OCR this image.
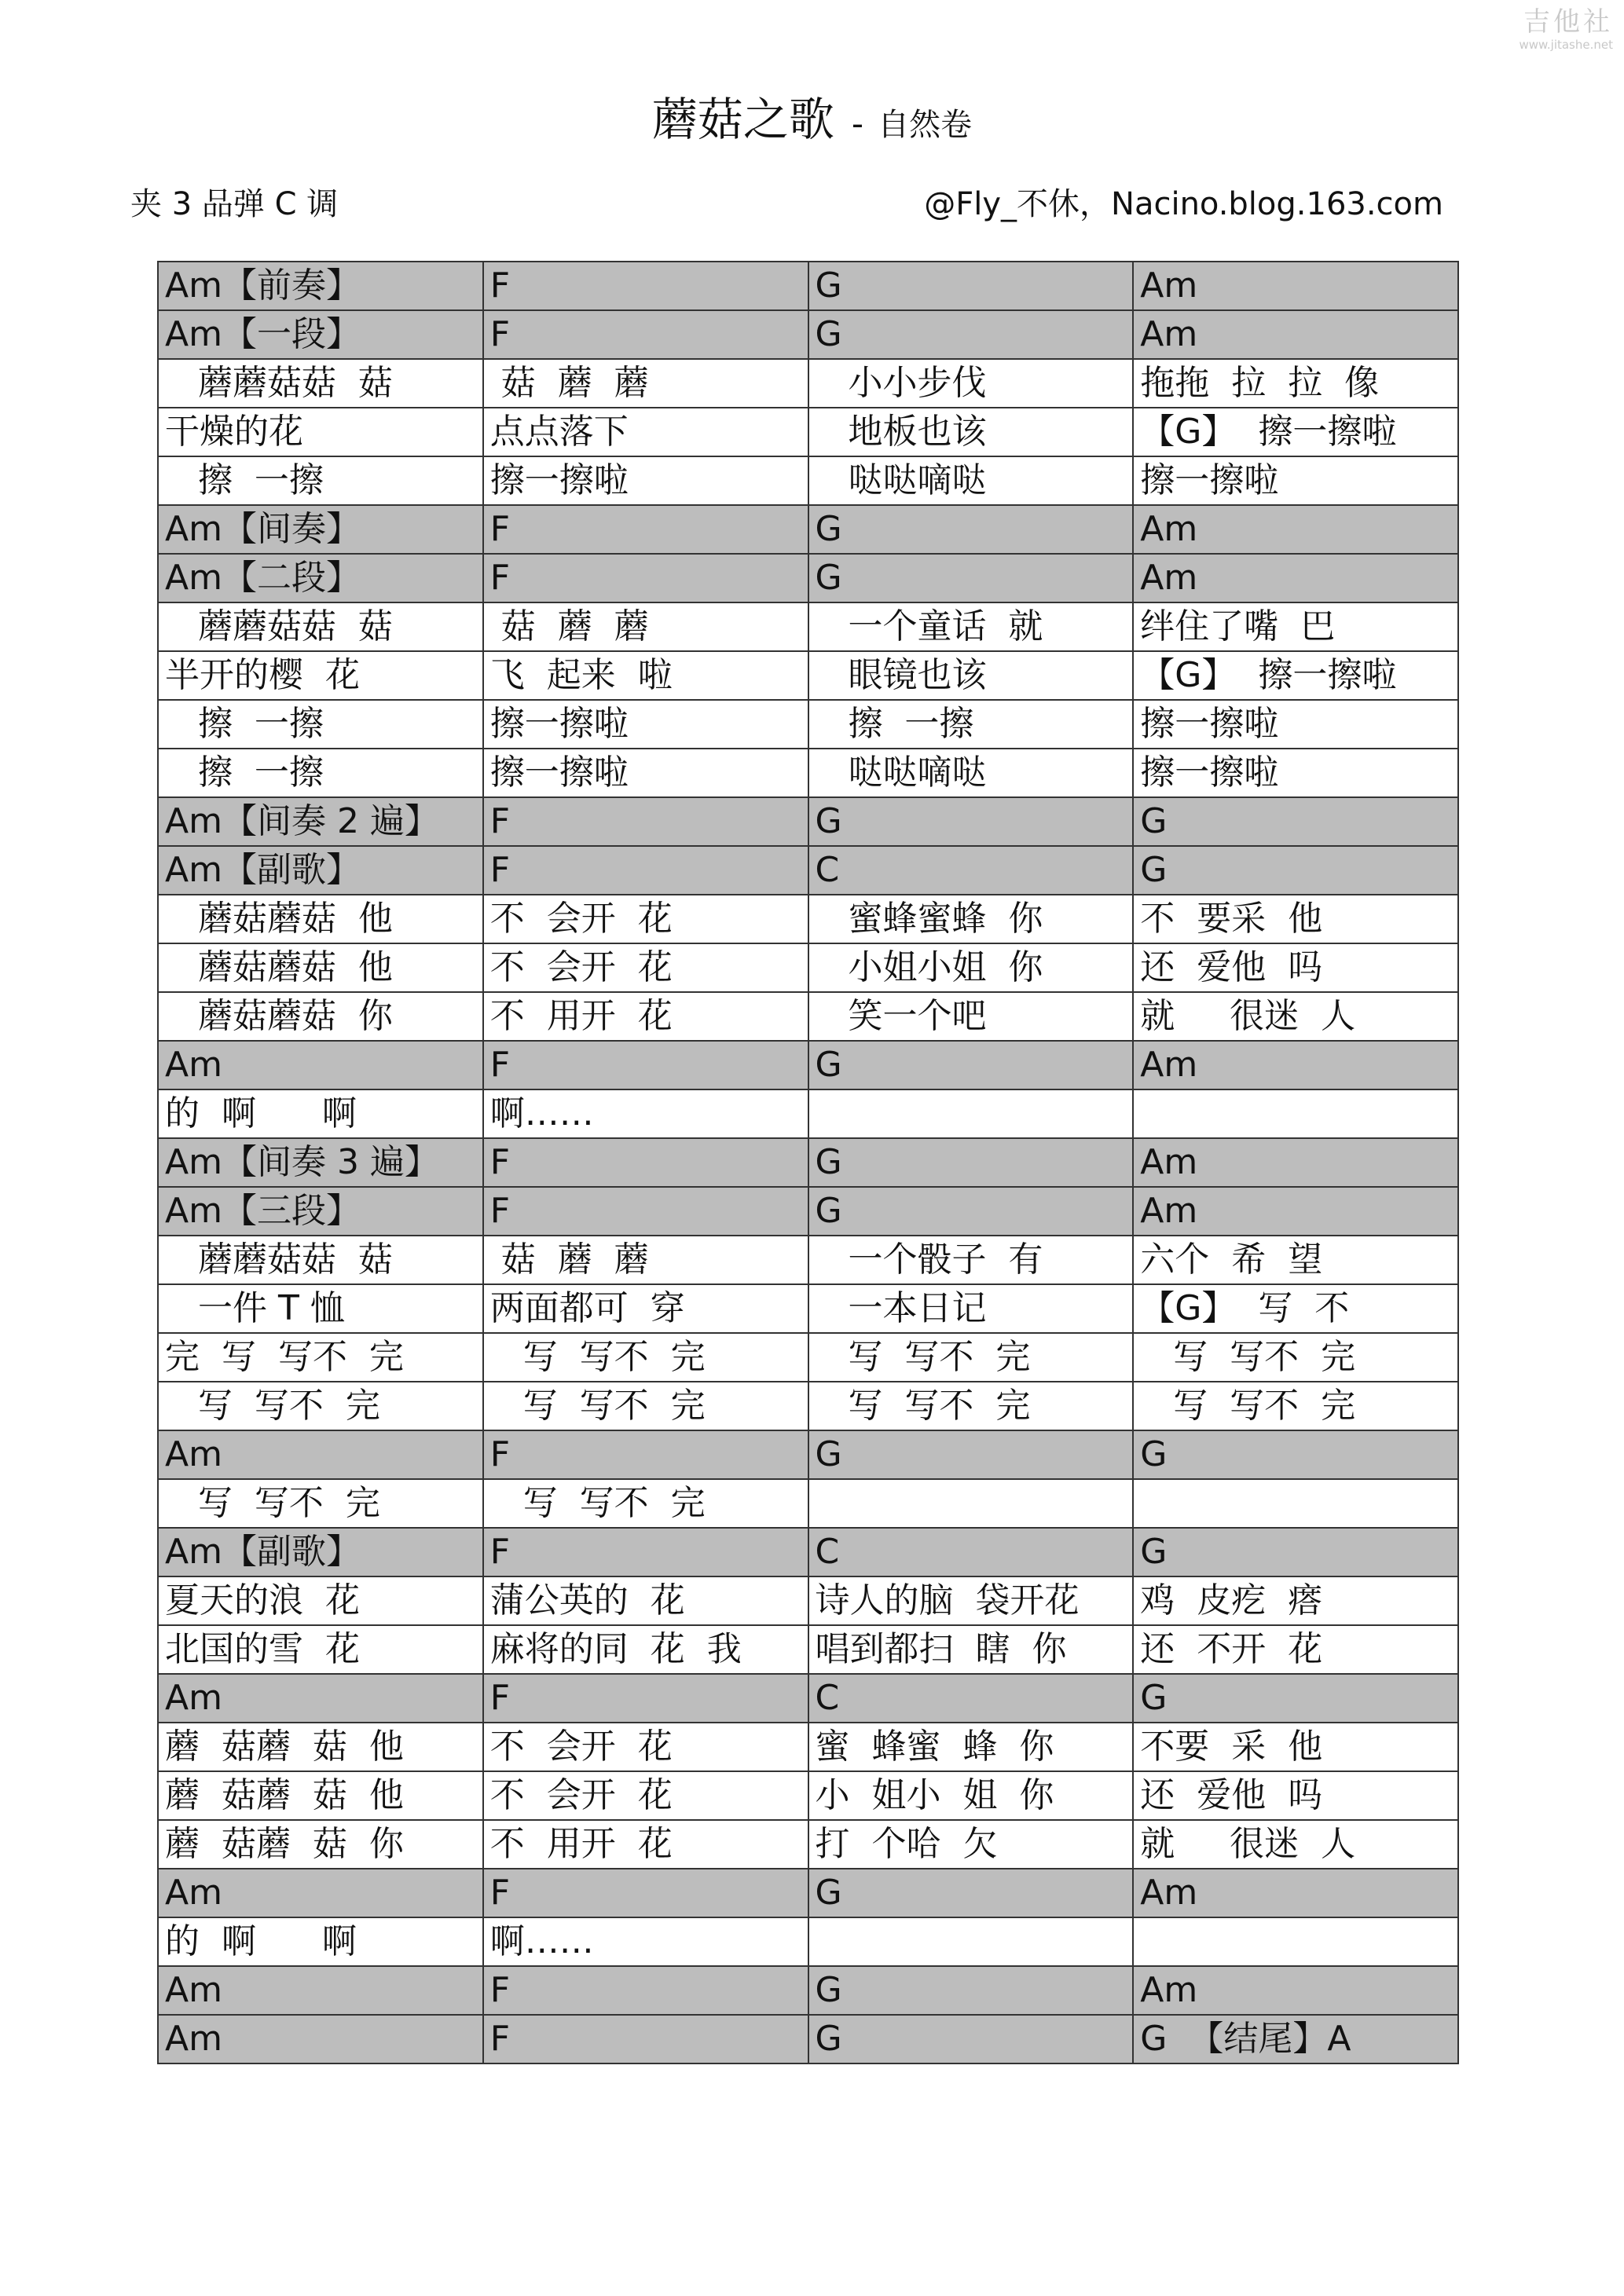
吉他社
www.jitashe.net
蘑菇之歌 - 自然卷
夹 3 品弹 C 调	@Fly_不休，Nacino.blog.163.com
Am【前奏】	F	G	Am
Am【一段】	F	G	Am
蘑蘑菇菇  菇	菇  蘑  蘑	小小步伐	拖拖  拉  拉  像
干燥的花	点点落下	地板也该	【G】  擦一擦啦
擦  一擦	擦一擦啦	哒哒嘀哒	擦一擦啦
Am【间奏】	F	G	Am
Am【二段】	F	G	Am
蘑蘑菇菇  菇	菇  蘑  蘑	一个童话  就	绊住了嘴  巴
半开的樱  花	飞  起来  啦	眼镜也该	【G】  擦一擦啦
擦  一擦	擦一擦啦	擦  一擦	擦一擦啦
擦  一擦	擦一擦啦	哒哒嘀哒	擦一擦啦
Am【间奏 2 遍】	F	G	G
Am【副歌】	F	C	G
蘑菇蘑菇  他	不  会开  花	蜜蜂蜜蜂  你	不  要采  他
蘑菇蘑菇  他	不  会开  花	小姐小姐  你	还  爱他  吗
蘑菇蘑菇  你	不  用开  花	笑一个吧	就     很迷  人
Am	F	G	Am
的  啊      啊	啊……		
Am【间奏 3 遍】	F	G	Am
Am【三段】	F	G	Am
蘑蘑菇菇  菇	菇  蘑  蘑	一个骰子  有	六个  希  望
一件 T 恤	两面都可  穿	一本日记	【G】  写  不
完  写  写不  完	写  写不  完	写  写不  完	写  写不  完
写  写不  完	写  写不  完	写  写不  完	写  写不  完
Am	F	G	G
写  写不  完	写  写不  完		
Am【副歌】	F	C	G
夏天的浪  花	蒲公英的  花	诗人的脑  袋开花	鸡  皮疙  瘩
北国的雪  花	麻将的同  花  我	唱到都扫  瞎  你	还  不开  花
Am	F	C	G
蘑  菇蘑  菇  他	不  会开  花	蜜  蜂蜜  蜂  你	不要  采  他
蘑  菇蘑  菇  他	不  会开  花	小  姐小  姐  你	还  爱他  吗
蘑  菇蘑  菇  你	不  用开  花	打  个哈  欠	就     很迷  人
Am	F	G	Am
的  啊      啊	啊……		
Am	F	G	Am
Am	F	G	G  【结尾】A
